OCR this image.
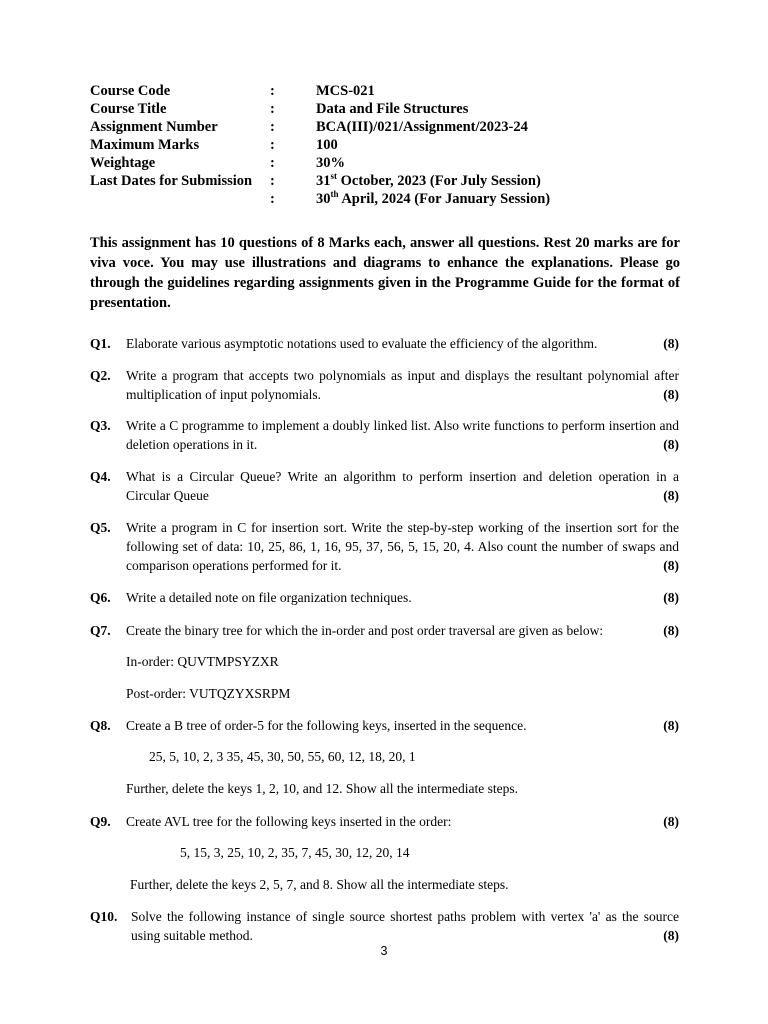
Course Code	:	MCS-021
Course Title	:	Data and File Structures
Assignment Number	:	BCA(III)/021/Assignment/2023-24
Maximum Marks	:	100
Weightage	:	30%
Last Dates for Submission :	31st October, 2023 (For July Session)
:	30th April, 2024 (For January Session)
This assignment has 10 questions of 8 Marks each, answer all questions. Rest 20 marks are for viva voce. You may use illustrations and diagrams to enhance the explanations. Please go through the guidelines regarding assignments given in the Programme Guide for the format of presentation.
Q1. Elaborate various asymptotic notations used to evaluate the efficiency of the algorithm.	(8)
Q2. Write a program that accepts two polynomials as input and displays the resultant polynomial after multiplication of input polynomials.	(8)
Q3. Write a C programme to implement a doubly linked list. Also write functions to perform insertion and deletion operations in it.	(8)
Q4. What is a Circular Queue? Write an algorithm to perform insertion and deletion operation in a Circular Queue	(8)
Q5. Write a program in C for insertion sort. Write the step-by-step working of the insertion sort for the following set of data: 10, 25, 86, 1, 16, 95, 37, 56, 5, 15, 20, 4. Also count the number of swaps and comparison operations performed for it.	(8)
Q6. Write a detailed note on file organization techniques.	(8)
Q7. Create the binary tree for which the in-order and post order traversal are given as below:	(8)
In-order: QUVTMPSYZXR
Post-order: VUTQZYXSRPM
Q8. Create a B tree of order-5 for the following keys, inserted in the sequence.	(8)
25, 5, 10, 2, 3 35, 45, 30, 50, 55, 60, 12, 18, 20, 1
Further, delete the keys 1, 2, 10, and 12. Show all the intermediate steps.
Q9. Create AVL tree for the following keys inserted in the order:	(8)
5, 15, 3, 25, 10, 2, 35, 7, 45, 30, 12, 20, 14
Further, delete the keys 2, 5, 7, and 8. Show all the intermediate steps.
Q10. Solve the following instance of single source shortest paths problem with vertex 'a' as the source using suitable method.	(8)
3
